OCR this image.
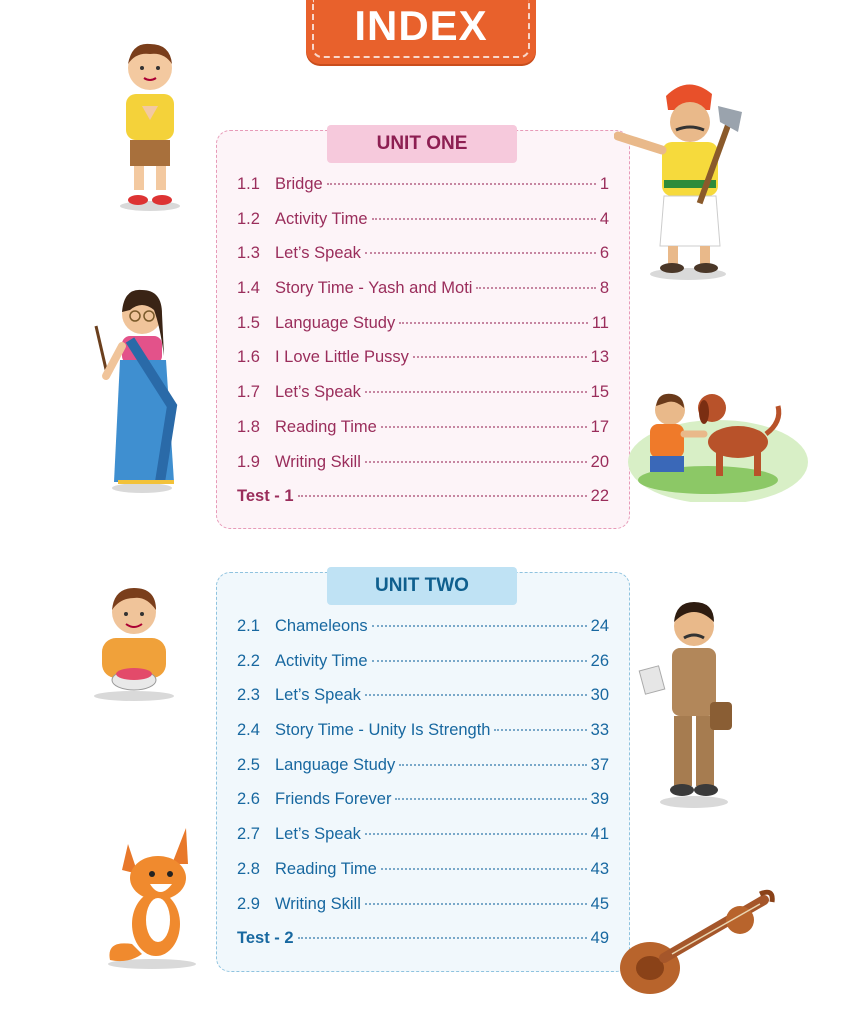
INDEX
UNIT ONE
1.1 Bridge	1
1.2 Activity Time	4
1.3 Let’s Speak	6
1.4 Story Time - Yash and Moti	8
1.5 Language Study	11
1.6 I Love Little Pussy	13
1.7 Let’s Speak	15
1.8 Reading Time	17
1.9 Writing Skill	20
Test - 1	22
UNIT TWO
2.1 Chameleons	24
2.2 Activity Time	26
2.3 Let’s Speak	30
2.4 Story Time - Unity Is Strength	33
2.5 Language Study	37
2.6 Friends Forever	39
2.7 Let’s Speak	41
2.8 Reading Time	43
2.9 Writing Skill	45
Test - 2	49
